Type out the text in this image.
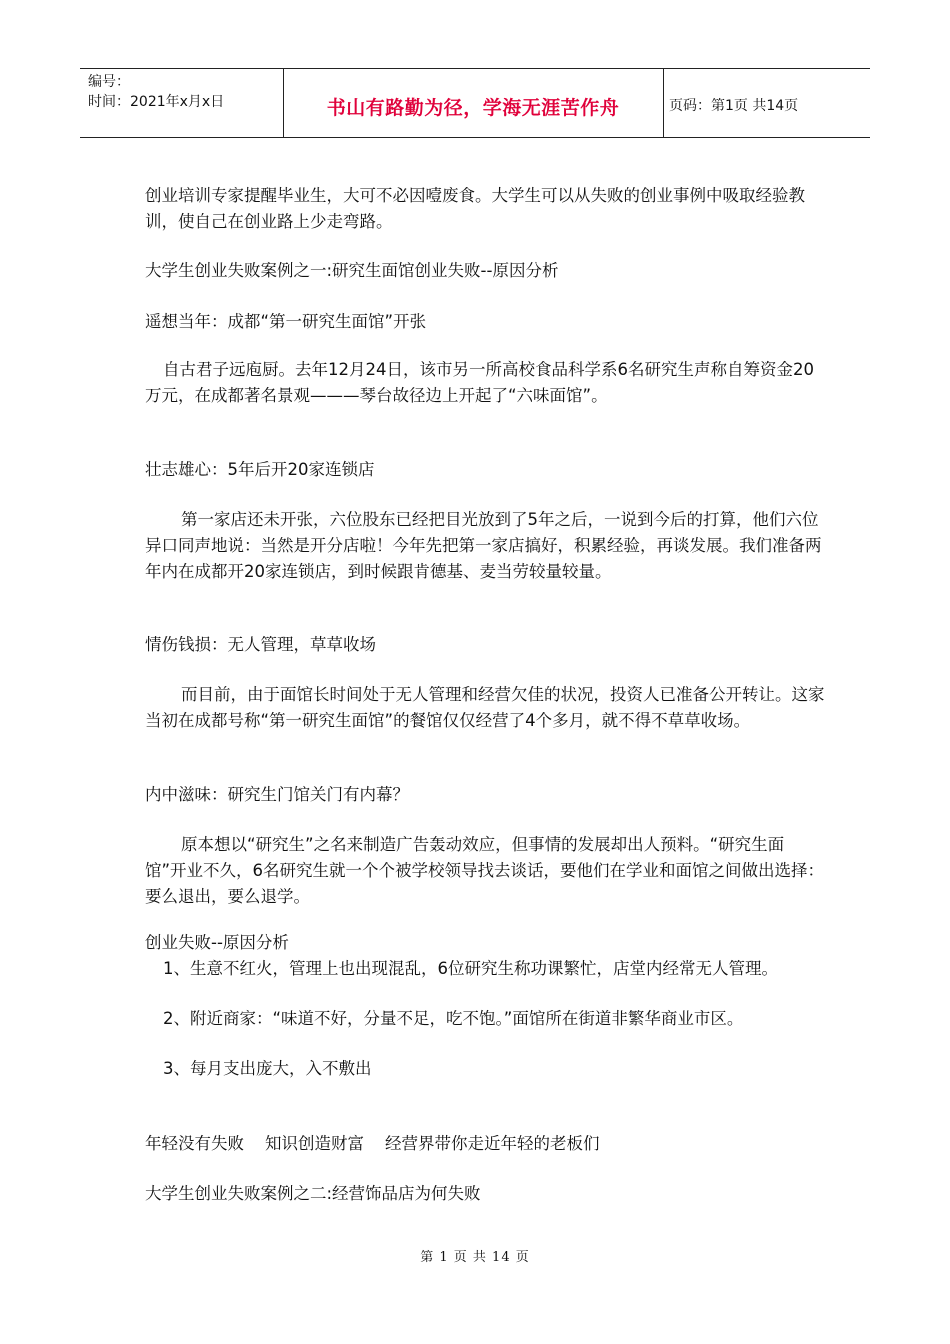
编号：
时间：2021年x月x日	书山有路勤为径，学海无涯苦作舟	页码：第1页 共14页

创业培训专家提醒毕业生，大可不必因噎废食。大学生可以从失败的创业事例中吸取经验教训，使自己在创业路上少走弯路。

大学生创业失败案例之一:研究生面馆创业失败--原因分析

遥想当年：成都“第一研究生面馆”开张

自古君子远庖厨。去年12月24日，该市另一所高校食品科学系6名研究生声称自筹资金20万元，在成都著名景观———琴台故径边上开起了“六味面馆”。

壮志雄心：5年后开20家连锁店

第一家店还未开张，六位股东已经把目光放到了5年之后，一说到今后的打算，他们六位异口同声地说：当然是开分店啦！今年先把第一家店搞好，积累经验，再谈发展。我们准备两年内在成都开20家连锁店，到时候跟肯德基、麦当劳较量较量。

情伤钱损：无人管理，草草收场

而目前，由于面馆长时间处于无人管理和经营欠佳的状况，投资人已准备公开转让。这家当初在成都号称“第一研究生面馆”的餐馆仅仅经营了4个多月，就不得不草草收场。

内中滋味：研究生门馆关门有内幕？

原本想以“研究生”之名来制造广告轰动效应，但事情的发展却出人预料。“研究生面馆”开业不久，6名研究生就一个个被学校领导找去谈话，要他们在学业和面馆之间做出选择：要么退出，要么退学。

创业失败--原因分析

1、生意不红火，管理上也出现混乱，6位研究生称功课繁忙，店堂内经常无人管理。

2、附近商家：“味道不好，分量不足，吃不饱。”面馆所在街道非繁华商业市区。

3、每月支出庞大，入不敷出

年轻没有失败    知识创造财富    经营界带你走近年轻的老板们

大学生创业失败案例之二:经营饰品店为何失败

第 1 页 共 14 页
